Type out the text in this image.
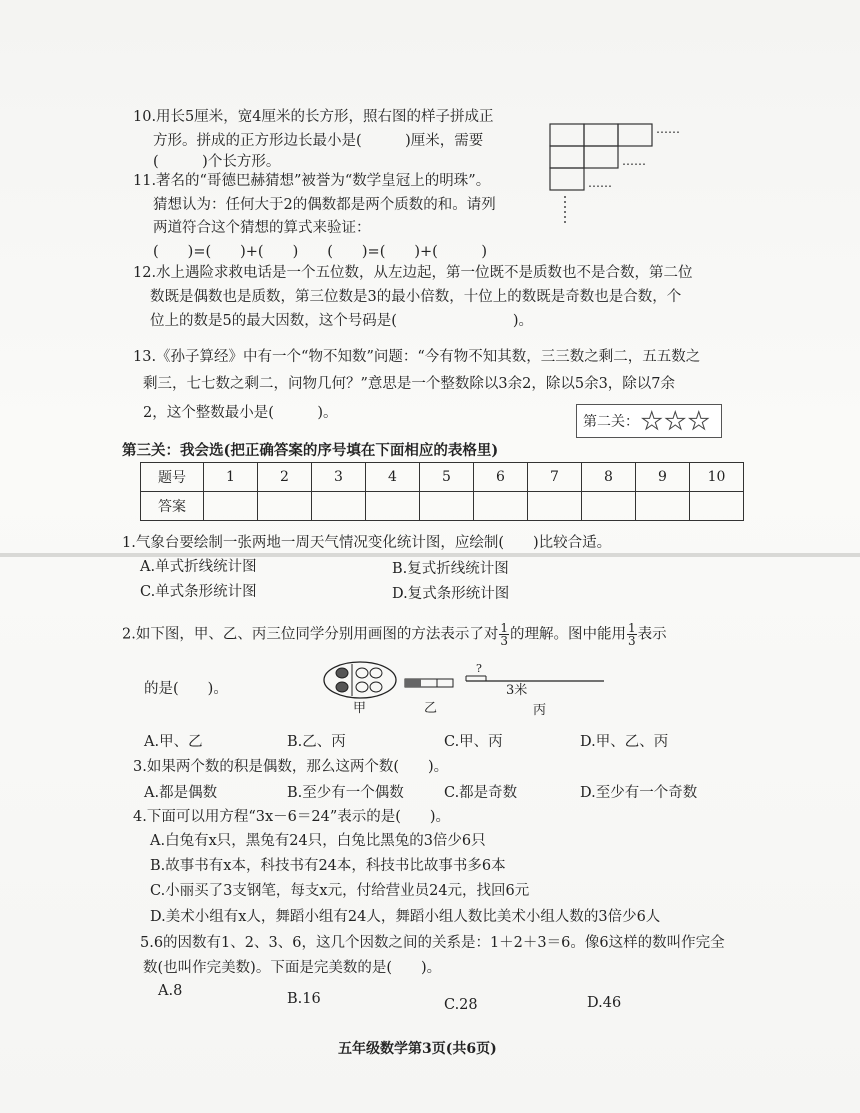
10.用长5厘米，宽4厘米的长方形，照右图的样子拼成正
方形。拼成的正方形边长最小是(　　　)厘米，需要
(　　　)个长方形。
……
……
……
11.著名的“哥德巴赫猜想”被誉为“数学皇冠上的明珠”。
猜想认为：任何大于2的偶数都是两个质数的和。请列
两道符合这个猜想的算式来验证：
(　　)=(　　)+(　　)　　(　　)=(　　)+(　　　)
12.水上遇险求救电话是一个五位数，从左边起，第一位既不是质数也不是合数，第二位
数既是偶数也是质数，第三位数是3的最小倍数，十位上的数既是奇数也是合数，个
位上的数是5的最大因数，这个号码是(　　　　　　　　)。
13.《孙子算经》中有一个“物不知数”问题：“今有物不知其数，三三数之剩二，五五数之
剩三，七七数之剩二，问物几何？”意思是一个整数除以3余2，除以5余3，除以7余
2，这个整数最小是(　　　)。
第二关： ★ ★ ★
第三关：我会选(把正确答案的序号填在下面相应的表格里)
题号	1	2	3	4	5	6	7	8	9	10
答案										
1.气象台要绘制一张两地一周天气情况变化统计图，应绘制(　　)比较合适。
A.单式折线统计图	B.复式折线统计图
C.单式条形统计图	D.复式条形统计图
2.如下图，甲、乙、丙三位同学分别用画图的方法表示了对 $\frac{1}{3}$ 的理解。图中能用 $\frac{1}{3}$ 表示
的是(　　)。
甲	乙
?
3米
丙
A.甲、乙	B.乙、丙	C.甲、丙	D.甲、乙、丙
3.如果两个数的积是偶数，那么这两个数(　　)。
A.都是偶数	B.至少有一个偶数	C.都是奇数	D.至少有一个奇数
4.下面可以用方程“3x－6＝24”表示的是(　　)。
A.白兔有x只，黑兔有24只，白兔比黑兔的3倍少6只
B.故事书有x本，科技书有24本，科技书比故事书多6本
C.小丽买了3支钢笔，每支x元，付给营业员24元，找回6元
D.美术小组有x人，舞蹈小组有24人，舞蹈小组人数比美术小组人数的3倍少6人
5.6的因数有1、2、3、6，这几个因数之间的关系是：1＋2＋3＝6。像6这样的数叫作完全
数(也叫作完美数)。下面是完美数的是(　　)。
A.8	B.16	C.28	D.46
五年级数学第3页(共6页)
